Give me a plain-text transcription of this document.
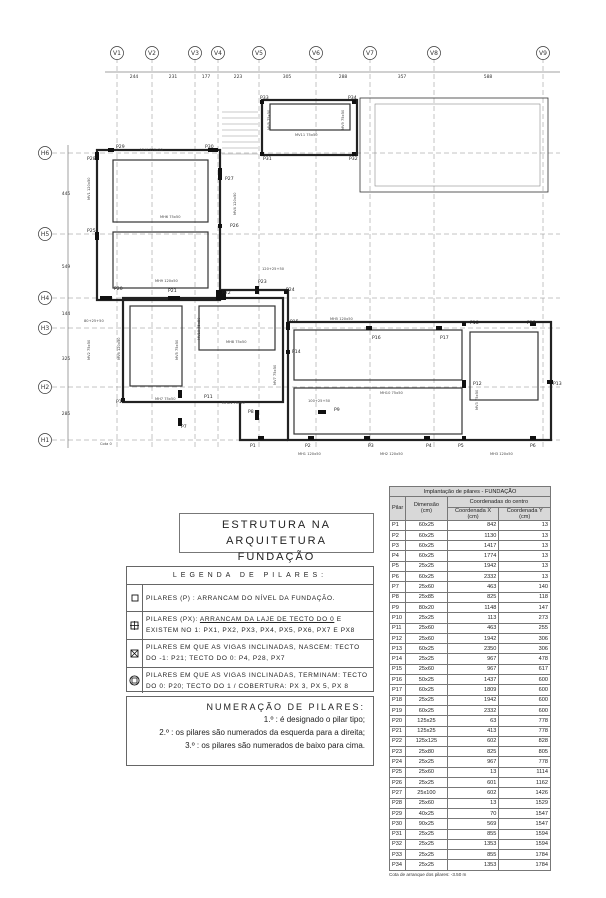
V1	V2	V3	V4	V5	V6	V7	V8	V9
H6
H5
H4
H3
H2
H1
244	231	177	223	305	288	357	588
445
549
144
325
285
P1	P2	P3	P4	P5	P6
P7
P8	P9
P10
P11
P12	P13
P14
P15
P16	P17
P18	P19
P20	P21	P22
P23
P24
P25
P26
P27
P28
P29	P30
P31	P32
P33	P34
MH1 120x50	MH2 120x50	MH3 120x50
MH4 120x50
MH5 120x50
MH6 75x50
MH7 75x50
MH8 75x50
MH9 120x50
MH10 75x50
MH11 75x50
MV1 120x50
MV2 75x50
MV3 75x50
MV4 120x50
MV5 75x50
MV6 120x50
MV7 75x50
MV8 75x50	MV9 75x50
MV10 75x50
MV11 75x50
120+25+50
100+25+50
80+25+50
Cota 0
ESTRUTURA NA ARQUITETURA
FUNDAÇÃO
LEGENDA DE PILARES:
PILARES (P) : ARRANCAM DO NÍVEL DA FUNDAÇÃO.
PILARES (PX): ARRANCAM DA LAJE DE TECTO DO 0 E EXISTEM NO 1: PX1, PX2, PX3, PX4, PX5, PX6, PX7 E PX8
PILARES EM QUE AS VIGAS INCLINADAS, NASCEM: TECTO DO -1: P21; TECTO DO 0: P4, P28, PX7
PILARES EM QUE AS VIGAS INCLINADAS, TERMINAM: TECTO DO 0: P20; TECTO DO 1 / COBERTURA: PX 3, PX 5, PX 8
NUMERAÇÃO DE PILARES:
1.º : é designado o pilar tipo;
2.º : os pilares são numerados da esquerda para a direita;
3.º : os pilares são numerados de baixo para cima.
Implantação de pilares - FUNDAÇÃO			
Pilar	Dimensão (cm)	Coordenadas do centro	
		Coordenada X (cm)	Coordenada Y (cm)
P1	60x25	842	13
P2	60x25	1130	13
P3	60x25	1417	13
P4	60x25	1774	13
P5	25x25	1942	13
P6	60x25	2332	13
P7	25x60	463	140
P8	25x85	825	118
P9	80x20	1148	147
P10	25x25	113	273
P11	25x60	463	255
P12	25x60	1942	306
P13	60x25	2350	306
P14	25x25	967	478
P15	25x60	967	617
P16	50x25	1437	600
P17	60x25	1809	600
P18	25x25	1942	600
P19	60x25	2332	600
P20	125x25	63	778
P21	125x25	413	778
P22	125x125	602	828
P23	25x80	825	805
P24	25x25	967	778
P25	25x60	13	1114
P26	25x25	601	1162
P27	25x100	602	1426
P28	25x60	13	1529
P29	40x25	70	1547
P30	90x25	569	1547
P31	25x25	855	1594
P32	25x25	1353	1594
P33	25x25	855	1784
P34	25x25	1353	1784
Cota de arranque dos pilares: -3.50 m
